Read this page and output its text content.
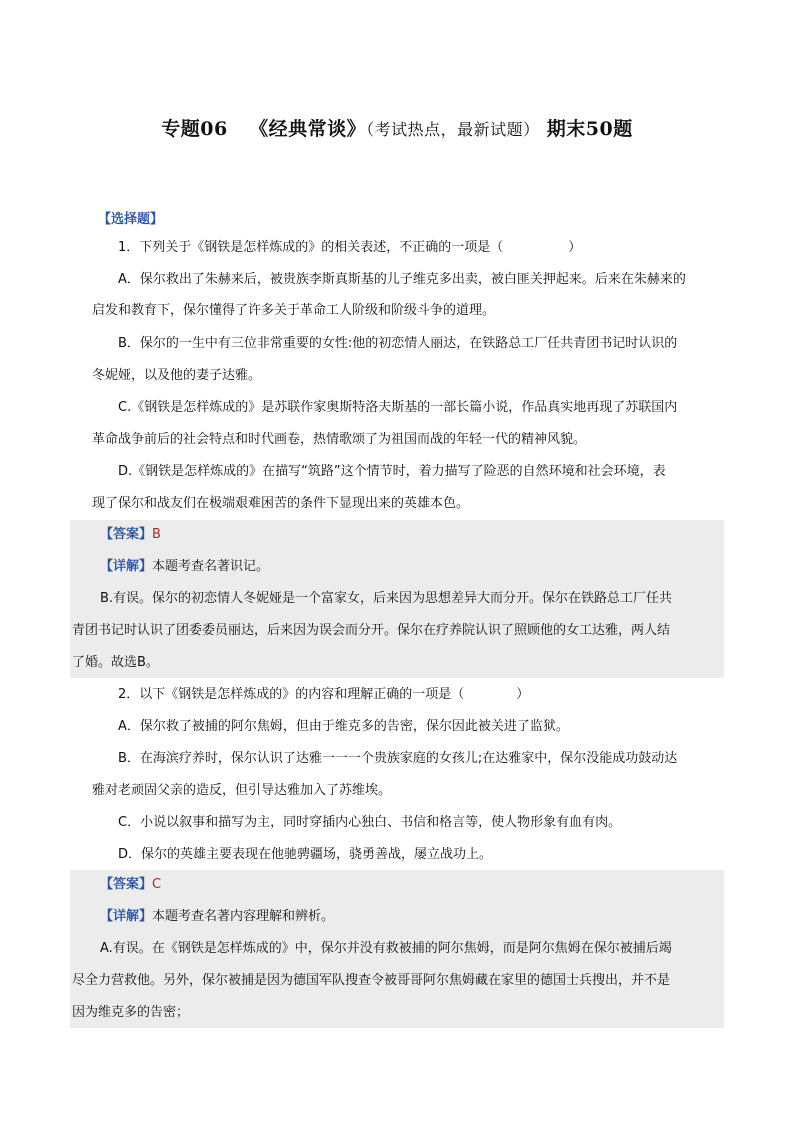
专题06 《经典常谈》（考试热点，最新试题） 期末50题
【选择题】
1．下列关于《钢铁是怎样炼成的》的相关表述，不正确的一项是（　　　　　）
A．保尔救出了朱赫来后，被贵族李斯真斯基的儿子维克多出卖，被白匪关押起来。后来在朱赫来的
启发和教育下，保尔懂得了许多关于革命工人阶级和阶级斗争的道理。
B．保尔的一生中有三位非常重要的女性:他的初恋情人丽达，在铁路总工厂任共青团书记时认识的
冬妮娅，以及他的妻子达雅。
C.《钢铁是怎样炼成的》是苏联作家奥斯特洛夫斯基的一部长篇小说，作品真实地再现了苏联国内
革命战争前后的社会特点和时代画卷，热情歌颂了为祖国而战的年轻一代的精神风貌。
D.《钢铁是怎样炼成的》在描写“筑路”这个情节时，着力描写了险恶的自然环境和社会环境，表
现了保尔和战友们在极端艰难困苦的条件下显现出来的英雄本色。
【答案】B
【详解】本题考查名著识记。
B.有误。保尔的初恋情人冬妮娅是一个富家女，后来因为思想差异大而分开。保尔在铁路总工厂任共
青团书记时认识了团委委员丽达，后来因为误会而分开。保尔在疗养院认识了照顾他的女工达雅，两人结
了婚。故选B。
2．以下《钢铁是怎样炼成的》的内容和理解正确的一项是（　　　　）
A．保尔救了被捕的阿尔焦姆，但由于维克多的告密，保尔因此被关进了监狱。
B．在海滨疗养时，保尔认识了达雅一一一个贵族家庭的女孩儿;在达雅家中，保尔没能成功鼓动达
雅对老顽固父亲的造反，但引导达雅加入了苏维埃。
C．小说以叙事和描写为主，同时穿插内心独白、书信和格言等，使人物形象有血有肉。
D．保尔的英雄主要表现在他驰骋疆场，骁勇善战，屡立战功上。
【答案】C
【详解】本题考查名著内容理解和辨析。
A.有误。在《钢铁是怎样炼成的》中，保尔并没有救被捕的阿尔焦姆，而是阿尔焦姆在保尔被捕后竭
尽全力营救他。另外，保尔被捕是因为德国军队搜查令被哥哥阿尔焦姆藏在家里的德国士兵搜出，并不是
因为维克多的告密；
